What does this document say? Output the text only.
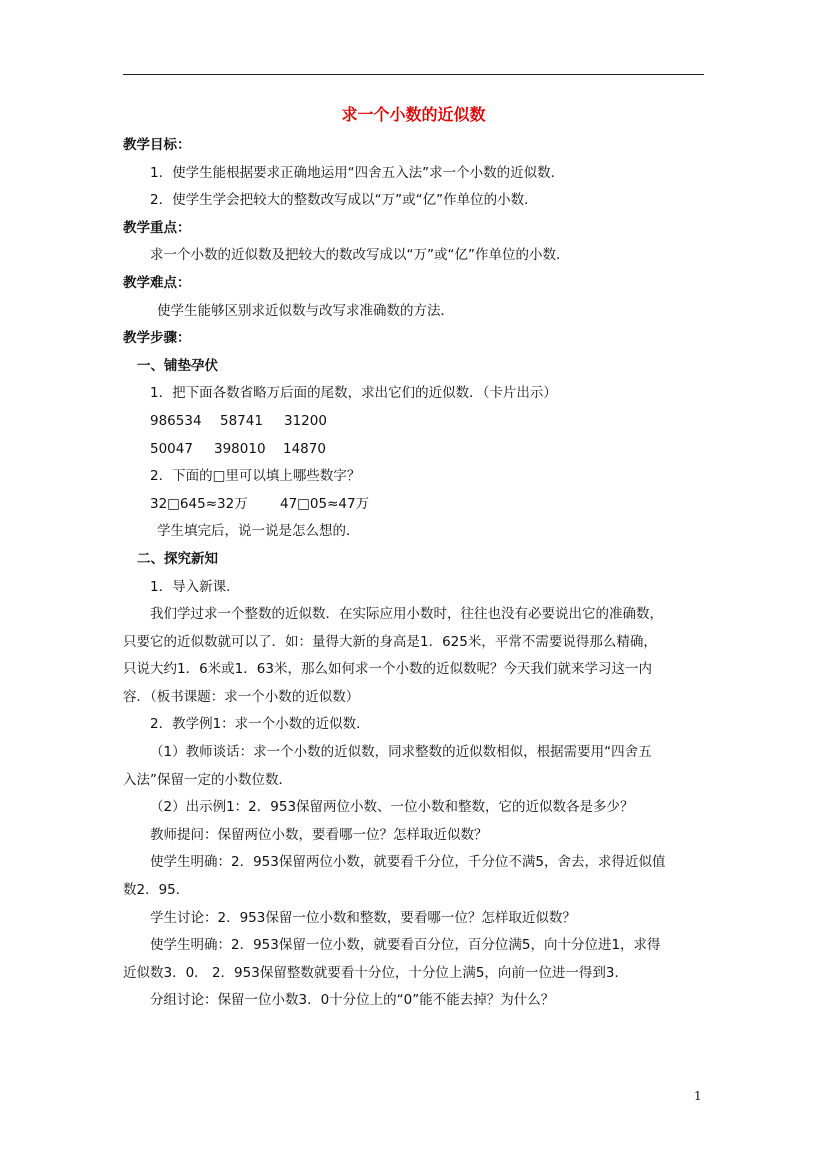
求一个小数的近似数
教学目标：
1．使学生能根据要求正确地运用“四舍五入法”求一个小数的近似数．
2．使学生学会把较大的整数改写成以“万”或“亿”作单位的小数．
教学重点：
求一个小数的近似数及把较大的数改写成以“万”或“亿”作单位的小数．
教学难点：
使学生能够区别求近似数与改写求准确数的方法．
教学步骤：
一、铺垫孕伏
1．把下面各数省略万后面的尾数，求出它们的近似数．（卡片出示）
986534	58741	31200
50047	398010	14870
2．下面的□里可以填上哪些数字？
32□645≈32万	47□05≈47万
学生填完后，说一说是怎么想的．
二、探究新知
1．导入新课．
我们学过求一个整数的近似数．在实际应用小数时，往往也没有必要说出它的准确数，
只要它的近似数就可以了．如：量得大新的身高是1．625米，平常不需要说得那么精确，
只说大约1．6米或1．63米，那么如何求一个小数的近似数呢？今天我们就来学习这一内
容．（板书课题：求一个小数的近似数）
2．教学例1：求一个小数的近似数．
（1）教师谈话：求一个小数的近似数，同求整数的近似数相似，根据需要用“四舍五
入法”保留一定的小数位数．
（2）出示例1：2．953保留两位小数、一位小数和整数，它的近似数各是多少？
教师提问：保留两位小数，要看哪一位？怎样取近似数？
使学生明确：2．953保留两位小数，就要看千分位，千分位不满5，舍去，求得近似值
数2．95．
学生讨论：2．953保留一位小数和整数，要看哪一位？怎样取近似数？
使学生明确：2．953保留一位小数，就要看百分位，百分位满5，向十分位进1，求得
近似数3．0． 2．953保留整数就要看十分位，十分位上满5，向前一位进一得到3．
分组讨论：保留一位小数3．0十分位上的“0”能不能去掉？为什么？
1
